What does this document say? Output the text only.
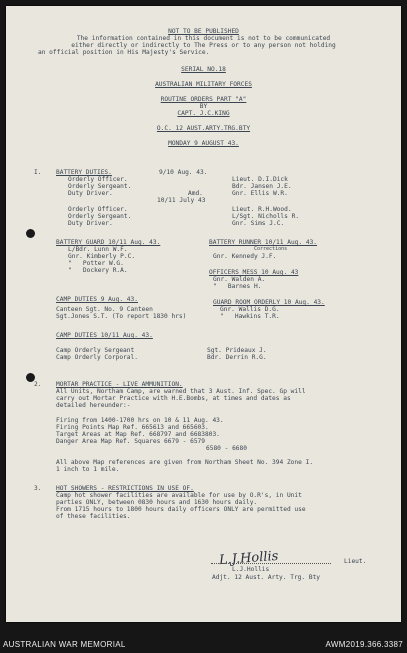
NOT TO BE PUBLISHED
The information contained in this document is not to be communicated
either directly or indirectly to The Press or to any person not holding
an official position in His Majesty's Service.
SERIAL NO.18
AUSTRALIAN MILITARY FORCES
ROUTINE ORDERS PART "A"
BY
CAPT. J.C.KING
O.C. 12 AUST.ARTY.TRG.BTY
MONDAY 9 AUGUST 43.
I. BATTERY DUTIES.	9/10 Aug. 43.
Orderly Officer.	Lieut. D.I.Dick
Orderly Sergeant.	Bdr. Jansen J.E.
Duty Driver.	Amd.	Gnr. Ellis W.R.
10/11 July 43
Orderly Officer.	Lieut. R.H.Wood.
Orderly Sergeant.	L/Sgt. Nicholls R.
Duty Driver.	Gnr. Sims J.C.
BATTERY GUARD 10/11 Aug. 43.
L/Bdr. Lunn W.F.
Gnr. Kimberly P.C.
"   Potter W.G.
"   Dockery R.A.
BATTERY RUNNER 10/11 Aug. 43.
Corrections
Gnr. Kennedy J.F.
OFFICERS MESS 10 Aug. 43
Gnr. Walden A.
"   Barnes H.
CAMP DUTIES 9 Aug. 43.
Canteen Sgt. No. 9 Canteen
Sgt.Jones S.T. (To report 1830 hrs)
GUARD ROOM ORDERLY 10 Aug. 43.
Gnr. Wallis D.G.
"   Hawkins T.R.
CAMP DUTIES 10/11 Aug. 43.
Camp Orderly Sergeant	Sgt. Prideaux J.
Camp Orderly Corporal.	Bdr. Derrin R.G.
2. MORTAR PRACTICE - LIVE AMMUNITION.
All Units, Northam Camp, are warned that 3 Aust. Inf. Spec. Gp will
carry out Mortar Practice with H.E.Bombs, at times and dates as
detailed hereunder:-
Firing from 1400-1700 hrs on 10 & 11 Aug. 43.
Firing Points Map Ref. 665613 and 665603.
Target Areas at Map Ref. 668797 and 6683803.
Danger Area Map Ref. Squares 6679 - 6579
6580 - 6680
All above Map references are given from Northam Sheet No. 394 Zone I.
1 inch to 1 mile.
3. HOT SHOWERS - RESTRICTIONS IN USE OF.
Camp hot shower facilities are available for use by O.R's, in Unit
parties ONLY, between 0830 hours and 1630 hours daily.
From 1715 hours to 1800 hours daily officers ONLY are permitted use
of these facilities.
L.J.Hollis	Lieut.
L.J.Hollis
Adjt. 12 Aust. Arty. Trg. Bty
AUSTRALIAN WAR MEMORIAL	AWM2019.366.3387
